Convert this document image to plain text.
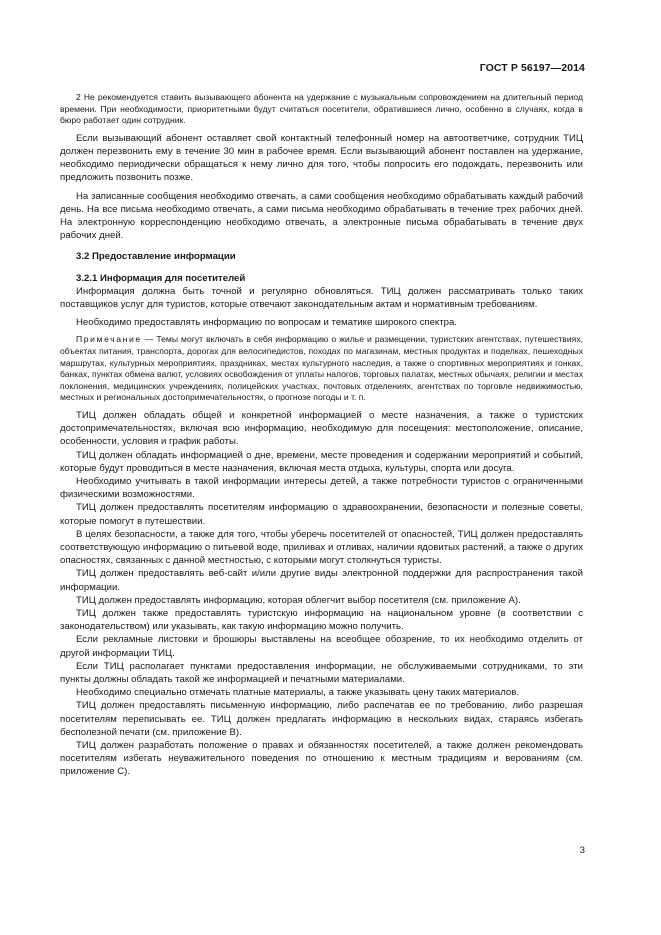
ГОСТ Р 56197—2014

2 Не рекомендуется ставить вызывающего абонента на удержание с музыкальным сопровождением на длительный период времени. При необходимости, приоритетными будут считаться посетители, обратившиеся лично, особенно в случаях, когда в бюро работает один сотрудник.

Если вызывающий абонент оставляет свой контактный телефонный номер на автоответчике, сотрудник ТИЦ должен перезвонить ему в течение 30 мин в рабочее время. Если вызывающий абонент поставлен на удержание, необходимо периодически обращаться к нему лично для того, чтобы попросить его подождать, перезвонить или предложить позвонить позже.

На записанные сообщения необходимо отвечать, а сами сообщения необходимо обрабатывать каждый рабочий день. На все письма необходимо отвечать, а сами письма необходимо обрабатывать в течение трех рабочих дней. На электронную корреспонденцию необходимо отвечать, а электронные письма обрабатывать в течение двух рабочих дней.

3.2 Предоставление информации

3.2.1 Информация для посетителей

Информация должна быть точной и регулярно обновляться. ТИЦ должен рассматривать только таких поставщиков услуг для туристов, которые отвечают законодательным актам и нормативным требованиям.

Необходимо предоставлять информацию по вопросам и тематике широкого спектра.

Примечание — Темы могут включать в себя информацию о жилье и размещении, туристских агентствах, путешествиях, объектах питания, транспорта, дорогах для велосипедистов, походах по магазинам, местных продуктах и поделках, пешеходных маршрутах, культурных мероприятиях, праздниках, местах культурного наследия, а также о спортивных мероприятиях и гонках, банках, пунктах обмена валют, условиях освобождения от уплаты налогов, торговых палатах, местных обычаях, религии и местах поклонения, медицинских учреждениях, полицейских участках, почтовых отделениях, агентствах по торговле недвижимостью, местных и региональных достопримечательностях, о прогнозе погоды и т. п.

ТИЦ должен обладать общей и конкретной информацией о месте назначения, а также о туристских достопримечательностях, включая всю информацию, необходимую для посещения: местоположение, описание, особенности, условия и график работы.

ТИЦ должен обладать информацией о дне, времени, месте проведения и содержании мероприятий и событий, которые будут проводиться в месте назначения, включая места отдыха, культуры, спорта или досуга.

Необходимо учитывать в такой информации интересы детей, а также потребности туристов с ограниченными физическими возможностями.

ТИЦ должен предоставлять посетителям информацию о здравоохранении, безопасности и полезные советы, которые помогут в путешествии.

В целях безопасности, а также для того, чтобы уберечь посетителей от опасностей, ТИЦ должен предоставлять соответствующую информацию о питьевой воде, приливах и отливах, наличии ядовитых растений, а также о других опасностях, связанных с данной местностью, с которыми могут столкнуться туристы.

ТИЦ должен предоставлять веб-сайт и/или другие виды электронной поддержки для распространения такой информации.

ТИЦ должен предоставлять информацию, которая облегчит выбор посетителя (см. приложение А).

ТИЦ должен также предоставлять туристскую информацию на национальном уровне (в соответствии с законодательством) или указывать, как такую информацию можно получить.

Если рекламные листовки и брошюры выставлены на всеобщее обозрение, то их необходимо отделить от другой информации ТИЦ.

Если ТИЦ располагает пунктами предоставления информации, не обслуживаемыми сотрудниками, то эти пункты должны обладать такой же информацией и печатными материалами.

Необходимо специально отмечать платные материалы, а также указывать цену таких материалов.

ТИЦ должен предоставлять письменную информацию, либо распечатав ее по требованию, либо разрешая посетителям переписывать ее. ТИЦ должен предлагать информацию в нескольких видах, стараясь избегать бесполезной печати (см. приложение В).

ТИЦ должен разработать положение о правах и обязанностях посетителей, а также должен рекомендовать посетителям избегать неуважительного поведения по отношению к местным традициям и верованиям (см. приложение С).

3
